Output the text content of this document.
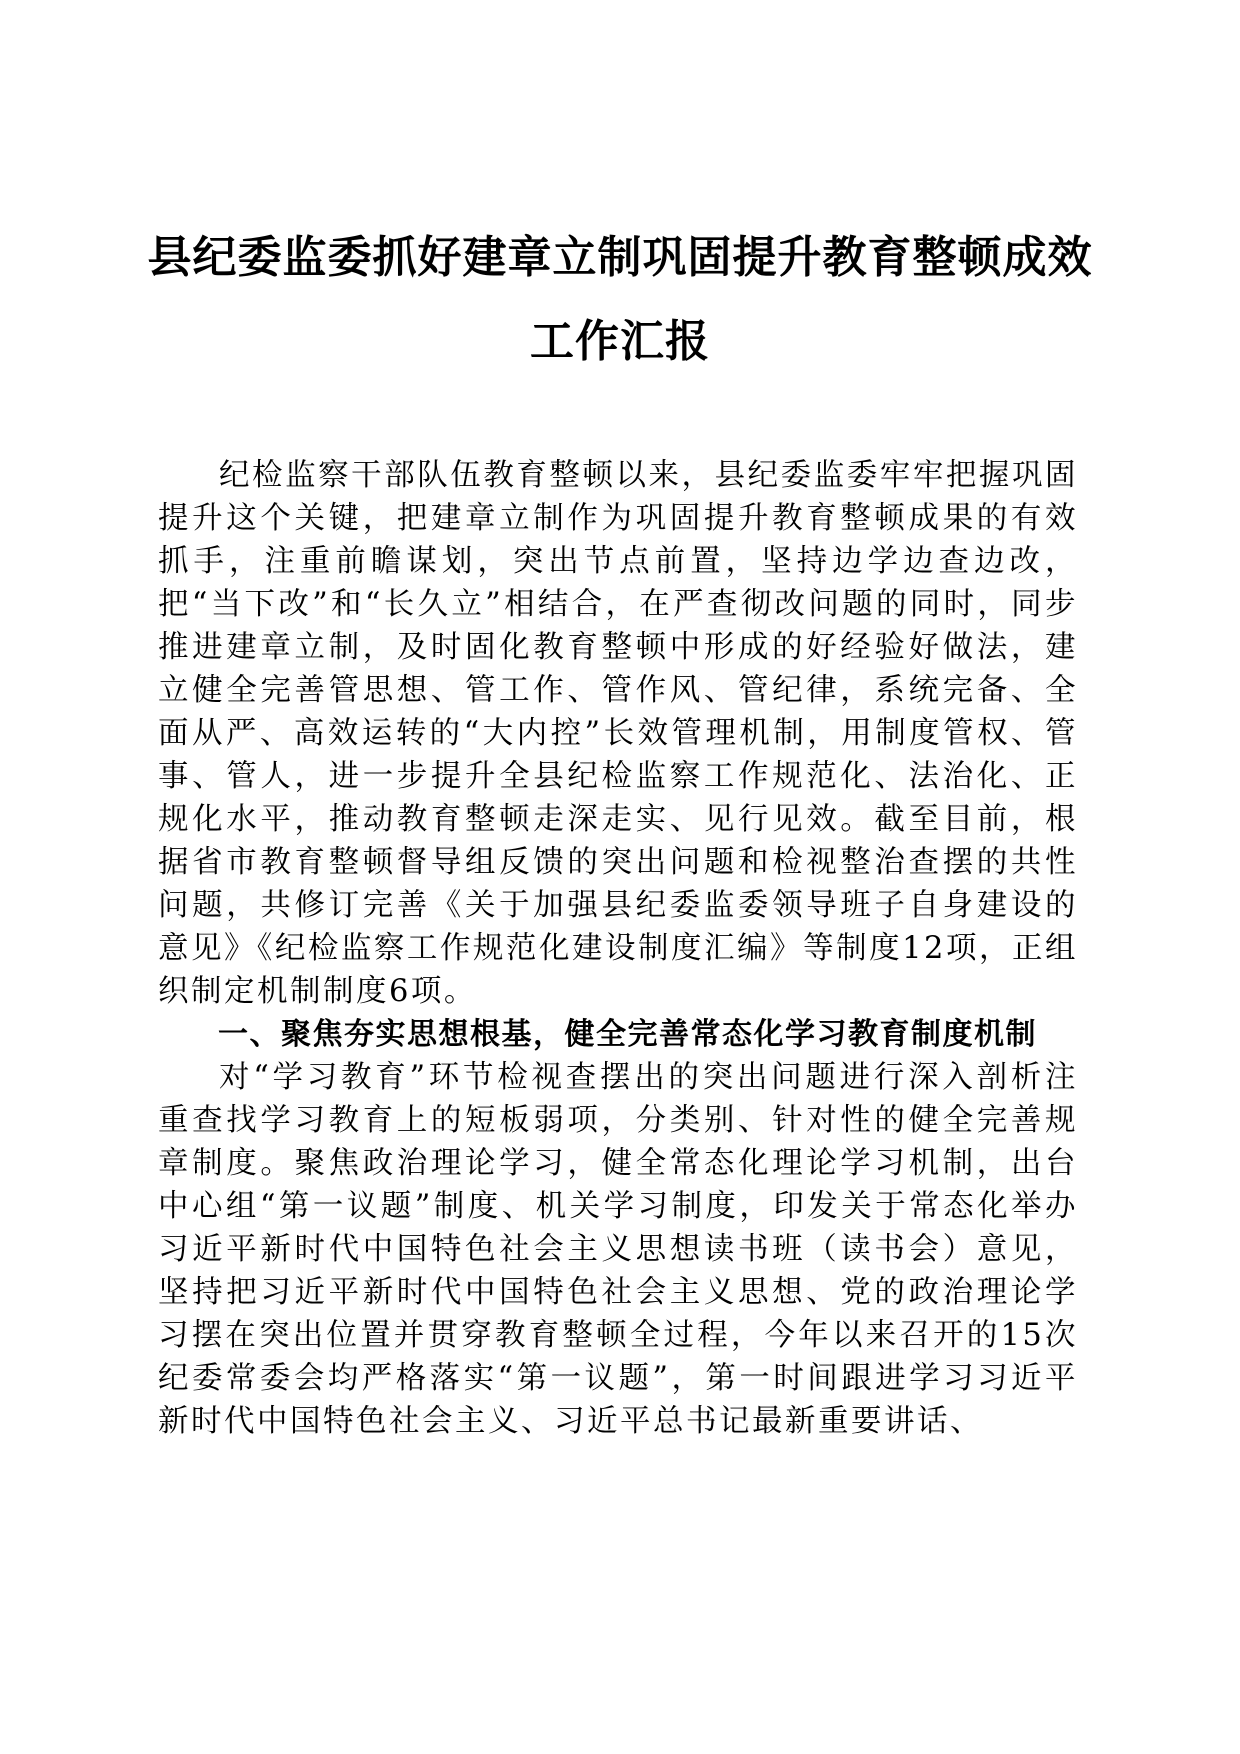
县纪委监委抓好建章立制巩固提升教育整顿成效工作汇报

纪检监察干部队伍教育整顿以来，县纪委监委牢牢把握巩固提升这个关键，把建章立制作为巩固提升教育整顿成果的有效抓手，注重前瞻谋划，突出节点前置，坚持边学边查边改，把“当下改”和“长久立”相结合，在严查彻改问题的同时，同步推进建章立制，及时固化教育整顿中形成的好经验好做法，建立健全完善管思想、管工作、管作风、管纪律，系统完备、全面从严、高效运转的“大内控”长效管理机制，用制度管权、管事、管人，进一步提升全县纪检监察工作规范化、法治化、正规化水平，推动教育整顿走深走实、见行见效。截至目前，根据省市教育整顿督导组反馈的突出问题和检视整治查摆的共性问题，共修订完善《关于加强县纪委监委领导班子自身建设的意见》《纪检监察工作规范化建设制度汇编》等制度12项，正组织制定机制制度6项。

一、聚焦夯实思想根基，健全完善常态化学习教育制度机制

对“学习教育”环节检视查摆出的突出问题进行深入剖析注重查找学习教育上的短板弱项，分类别、针对性的健全完善规章制度。聚焦政治理论学习，健全常态化理论学习机制，出台中心组“第一议题”制度、机关学习制度，印发关于常态化举办习近平新时代中国特色社会主义思想读书班（读书会）意见，坚持把习近平新时代中国特色社会主义思想、党的政治理论学习摆在突出位置并贯穿教育整顿全过程，今年以来召开的15次纪委常委会均严格落实“第一议题”，第一时间跟进学习习近平新时代中国特色社会主义、习近平总书记最新重要讲话、
